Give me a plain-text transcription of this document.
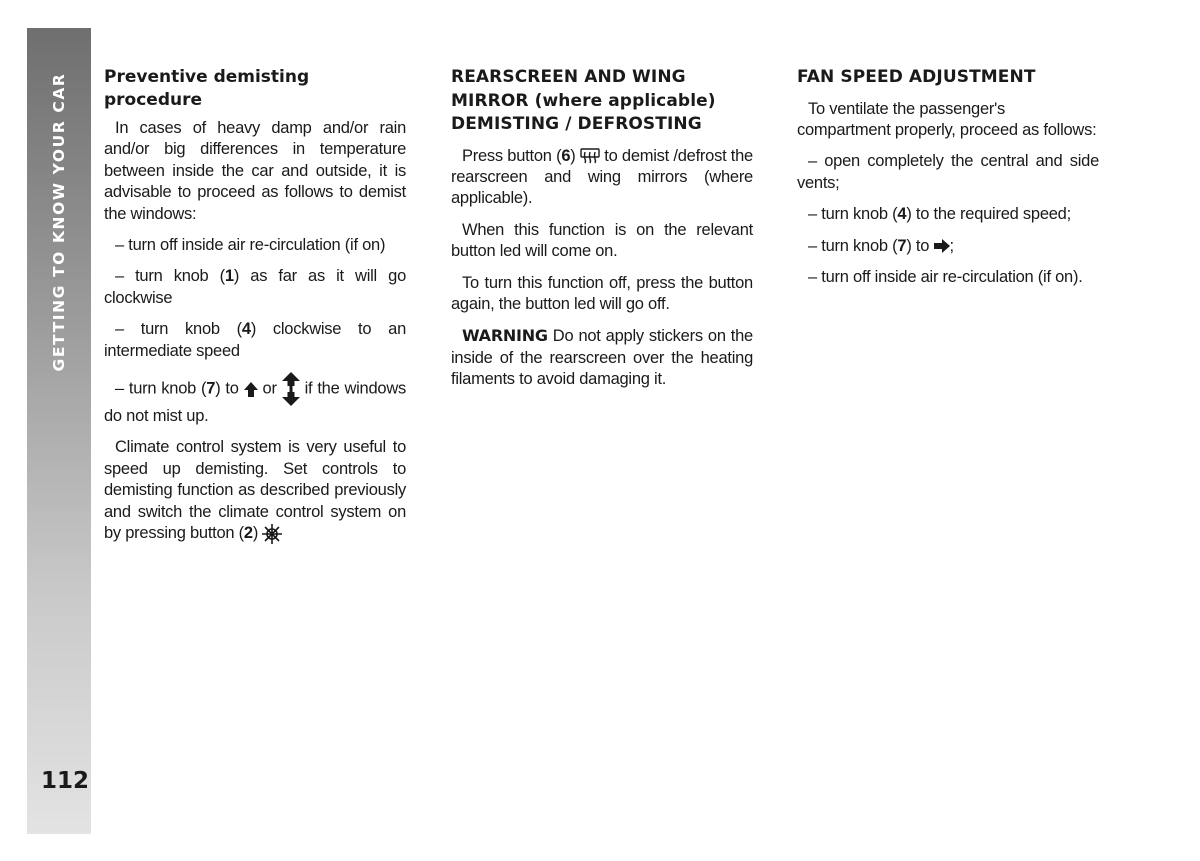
GETTING TO KNOW YOUR CAR
112
Preventive demisting procedure

In cases of heavy damp and/or rain and/or big differences in temperature between inside the car and outside, it is advisable to proceed as follows to demist the windows:

– turn off inside air re-circulation (if on)

– turn knob (1) as far as it will go clockwise

– turn knob (4) clockwise to an intermediate speed

– turn knob (7) to  or  if the windows do not mist up.

Climate control system is very useful to speed up demisting. Set controls to demisting function as described previously and switch the climate control system on by pressing button (2)

REARSCREEN AND WING
MIRROR (where applicable)
DEMISTING / DEFROSTING

Press button (6)  to demist /defrost the rearscreen and wing mirrors (where applicable).

When this function is on the relevant button led will come on.

To turn this function off, press the button again, the button led will go off.

WARNING Do not apply stickers on the inside of the rearscreen over the heating filaments to avoid damaging it.

FAN SPEED ADJUSTMENT

To ventilate the passenger's compartment properly, proceed as follows:

– open completely the central and side vents;

– turn knob (4) to the required speed;

– turn knob (7) to ;

– turn off inside air re-circulation (if on).
